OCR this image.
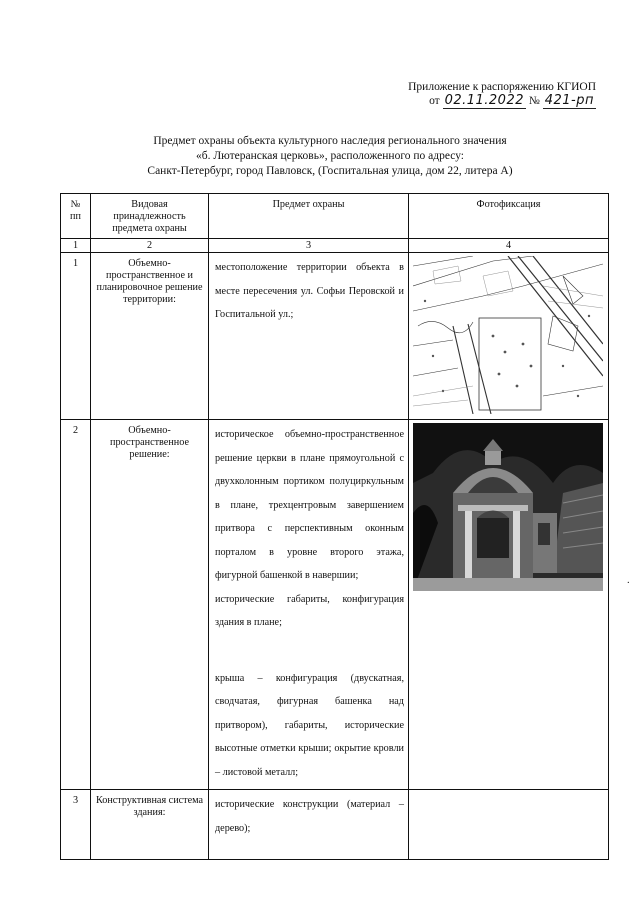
Приложение к распоряжению КГИОП
от 02.11.2022 № 421-рп
Предмет охраны объекта культурного наследия регионального значения
«б. Лютеранская церковь», расположенного по адресу:
Санкт-Петербург, город Павловск, (Госпитальная улица, дом 22, литера А)
№ пп	Видовая принадлежность предмета охраны	Предмет охраны	Фотофиксация
1	2	3	4
1	Объемно-пространственное и планировочное решение территории:	местоположение территории объекта в месте пересечения ул. Софьи Перовской и Госпитальной ул.;

2	Объемно-пространственное решение:	историческое объемно-пространственное решение церкви в плане прямоугольной с двухколонным портиком полуциркульным в плане, трехцентровым завершением притвора с перспективным оконным порталом в уровне второго этажа, фигурной башенкой в навершии;

исторические габариты, конфигурация здания в плане;

крыша – конфигурация (двускатная, сводчатая, фигурная башенка над притвором), габариты, исторические высотные отметки крыши; окрытие кровли – листовой металл;

3	Конструктивная система здания:	исторические конструкции (материал – дерево);	

·
